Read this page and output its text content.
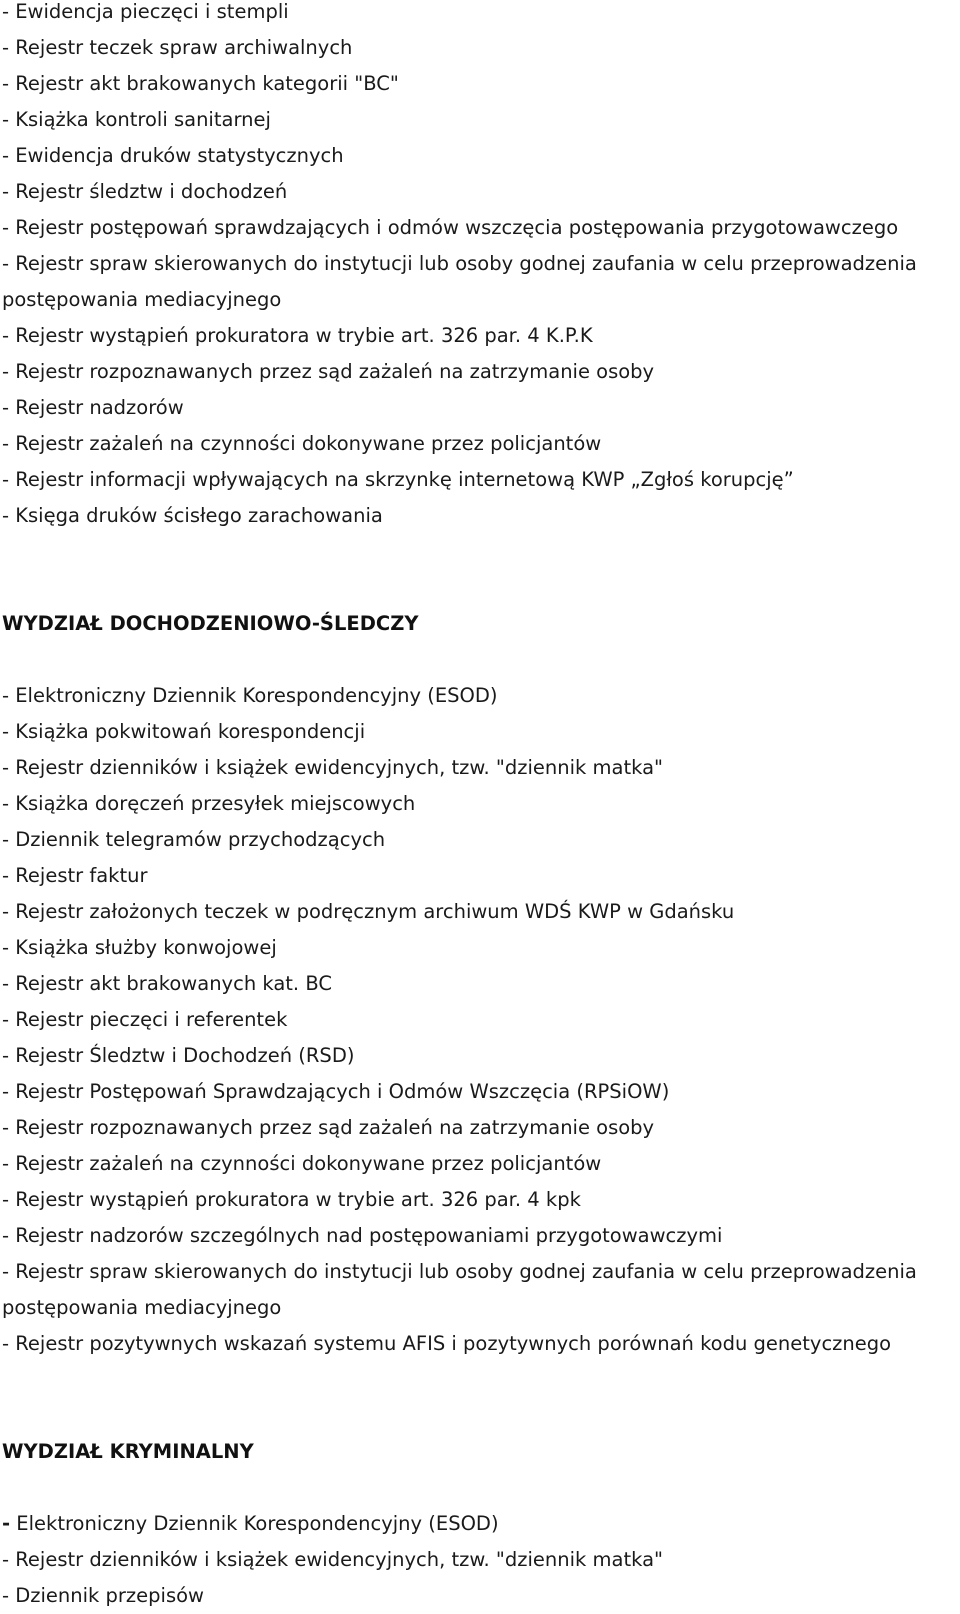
- Ewidencja pieczęci i stempli
- Rejestr teczek spraw archiwalnych
- Rejestr akt brakowanych kategorii "BC"
- Książka kontroli sanitarnej
- Ewidencja druków statystycznych
- Rejestr śledztw i dochodzeń
- Rejestr postępowań sprawdzających i odmów wszczęcia postępowania przygotowawczego
- Rejestr spraw skierowanych do instytucji lub osoby godnej zaufania w celu przeprowadzenia postępowania mediacyjnego
- Rejestr wystąpień prokuratora w trybie art. 326 par. 4 K.P.K
- Rejestr rozpoznawanych przez sąd zażaleń na zatrzymanie osoby
- Rejestr nadzorów
- Rejestr zażaleń na czynności dokonywane przez policjantów
- Rejestr informacji wpływających na skrzynkę internetową KWP „Zgłoś korupcję”
- Księga druków ścisłego zarachowania
WYDZIAŁ DOCHODZENIOWO-ŚLEDCZY
- Elektroniczny Dziennik Korespondencyjny (ESOD)
- Książka pokwitowań korespondencji
- Rejestr dzienników i książek ewidencyjnych, tzw. "dziennik matka"
- Książka doręczeń przesyłek miejscowych
- Dziennik telegramów przychodzących
- Rejestr faktur
- Rejestr założonych teczek w podręcznym archiwum WDŚ KWP w Gdańsku
- Książka służby konwojowej
- Rejestr akt brakowanych kat. BC
- Rejestr pieczęci i referentek
- Rejestr Śledztw i Dochodzeń (RSD)
- Rejestr Postępowań Sprawdzających i Odmów Wszczęcia (RPSiOW)
- Rejestr rozpoznawanych przez sąd zażaleń na zatrzymanie osoby
- Rejestr zażaleń na czynności dokonywane przez policjantów
- Rejestr wystąpień prokuratora w trybie art. 326 par. 4 kpk
- Rejestr nadzorów szczególnych nad postępowaniami przygotowawczymi
- Rejestr spraw skierowanych do instytucji lub osoby godnej zaufania w celu przeprowadzenia postępowania mediacyjnego
- Rejestr pozytywnych wskazań systemu AFIS i pozytywnych porównań kodu genetycznego
WYDZIAŁ KRYMINALNY
- Elektroniczny Dziennik Korespondencyjny (ESOD)
- Rejestr dzienników i książek ewidencyjnych, tzw. "dziennik matka"
- Dziennik przepisów
